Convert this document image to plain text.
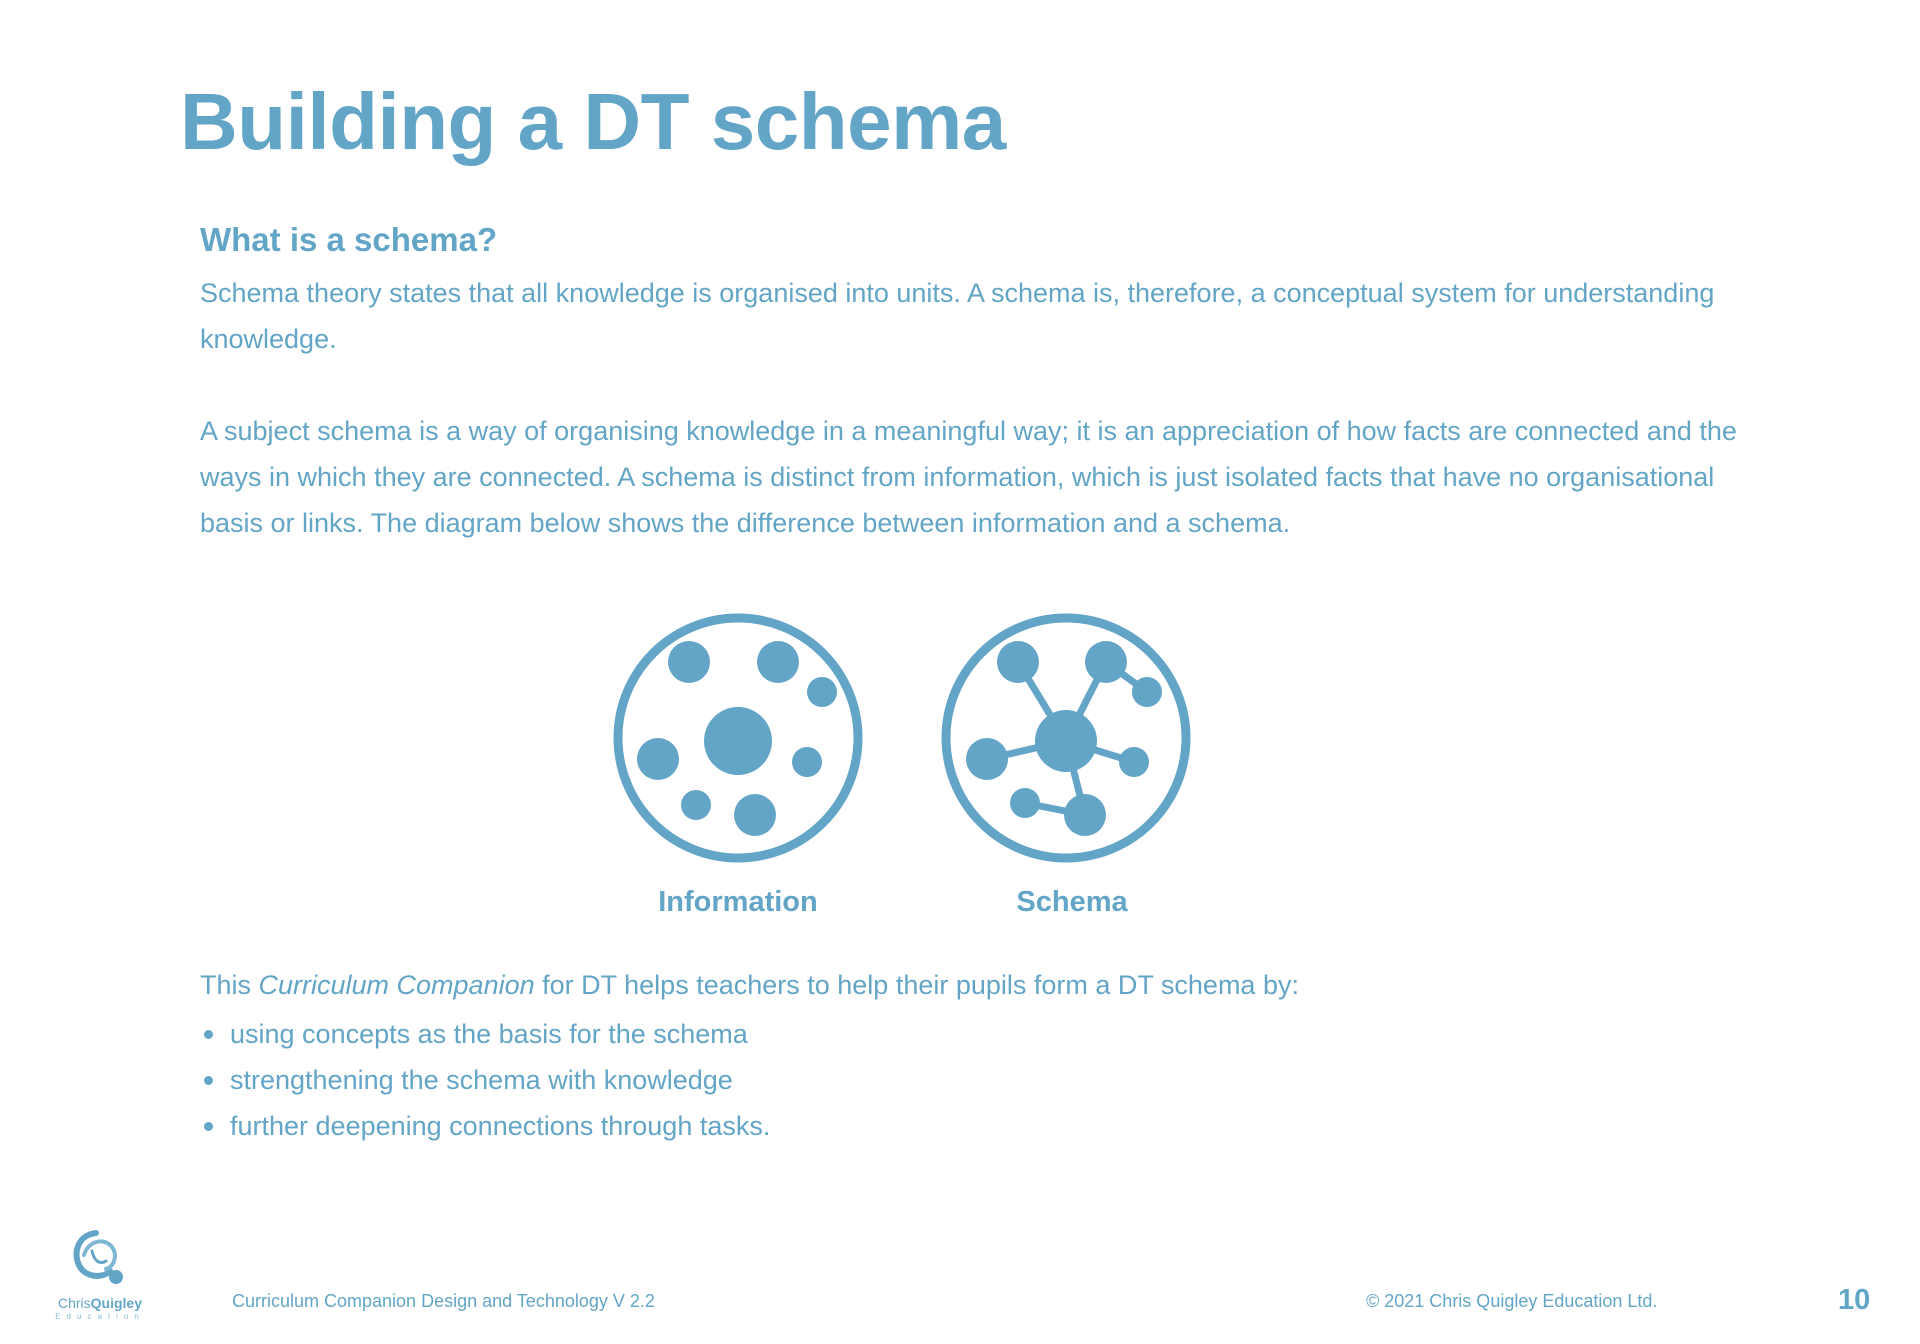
Building a DT schema
What is a schema?

Schema theory states that all knowledge is organised into units. A schema is, therefore, a conceptual system for understanding knowledge.

A subject schema is a way of organising knowledge in a meaningful way; it is an appreciation of how facts are connected and the ways in which they are connected. A schema is distinct from information, which is just isolated facts that have no organisational basis or links. The diagram below shows the difference between information and a schema.

Information	Schema

This Curriculum Companion for DT helps teachers to help their pupils form a DT schema by:

using concepts as the basis for the schema
strengthening the schema with knowledge
further deepening connections through tasks.
ChrisQuigley
Education
Curriculum Companion Design and Technology V 2.2	© 2021 Chris Quigley Education Ltd.	10
